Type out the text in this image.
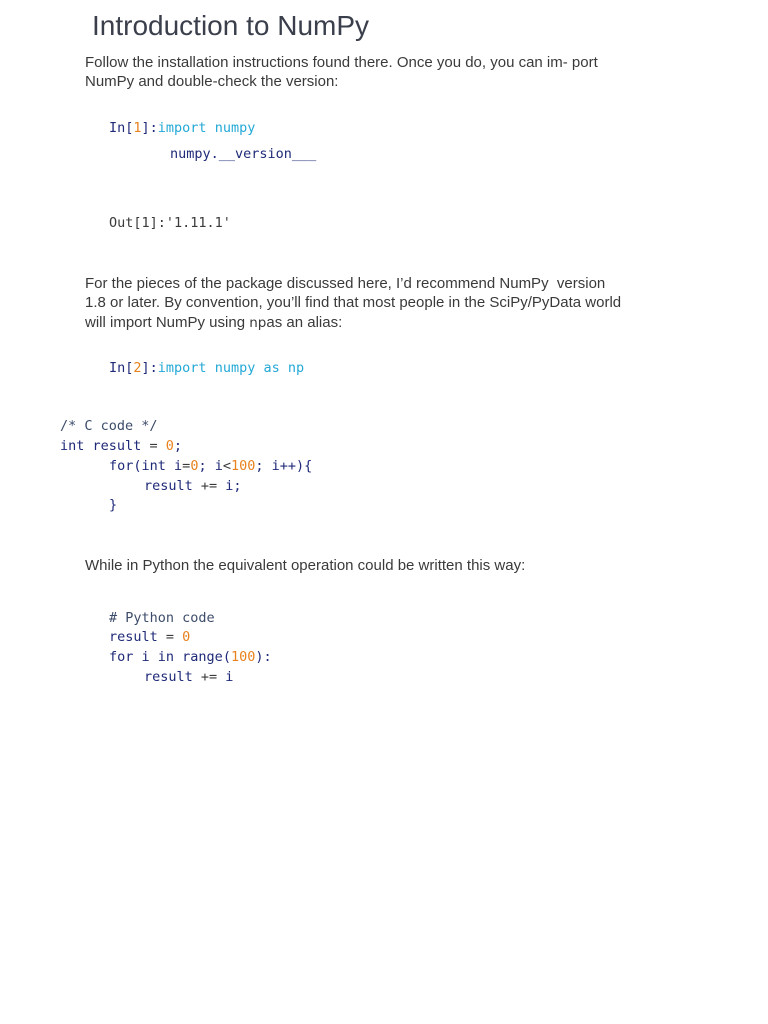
Introduction to NumPy
Follow the installation instructions found there. Once you do, you can im- port
NumPy and double-check the version:
In[1]:import numpy
numpy.__version___
Out[1]:'1.11.1'
For the pieces of the package discussed here, I’d recommend NumPy  version
1.8 or later. By convention, you’ll find that most people in the SciPy/PyData world
will import NumPy using npas an alias:
In[2]:import numpy as np
/* C code */
int result = 0;
for(int i=0; i<100; i++){
result += i;
}
While in Python the equivalent operation could be written this way:
# Python code
result = 0
for i in range(100):
result += i
